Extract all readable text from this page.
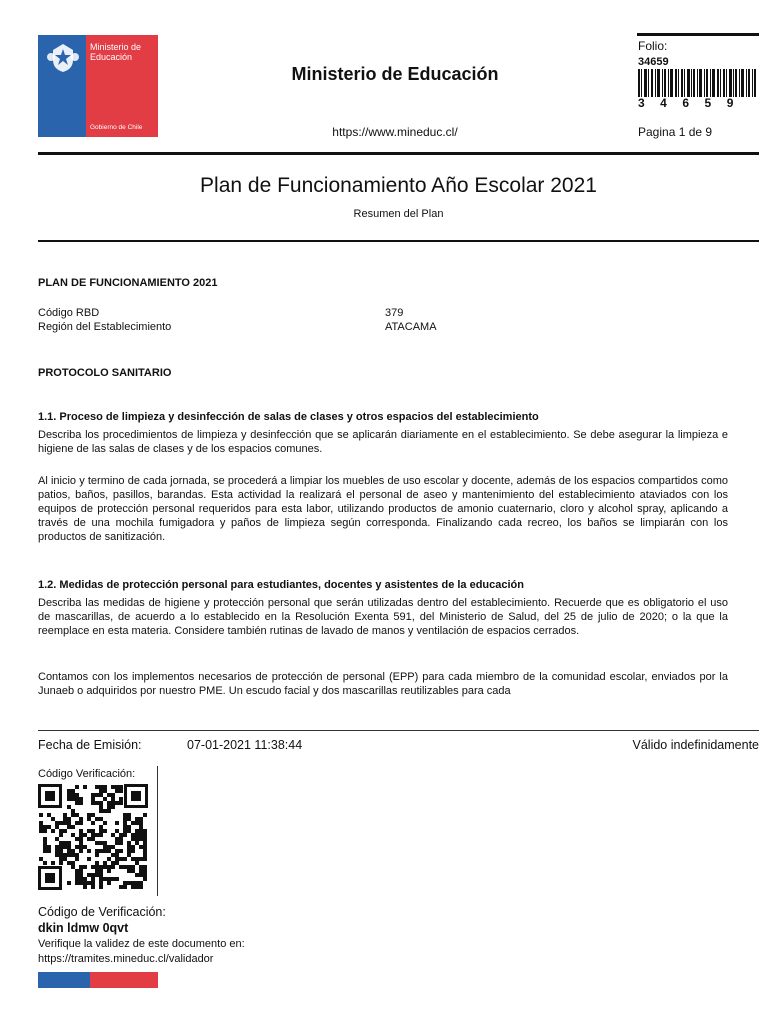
Ministerio de Educación
Gobierno de Chile
Ministerio de Educación
https://www.mineduc.cl/
Folio:
34659
34659
Pagina 1 de 9
Plan de Funcionamiento Año Escolar 2021
Resumen del Plan
PLAN DE FUNCIONAMIENTO 2021
Código RBD	379
Región del Establecimiento	ATACAMA
PROTOCOLO SANITARIO
1.1. Proceso de limpieza y desinfección de salas de clases y otros espacios del establecimiento
Describa los procedimientos de limpieza y desinfección que se aplicarán diariamente en el establecimiento. Se debe asegurar la limpieza e higiene de las salas de clases y de los espacios comunes.
Al inicio y termino de cada jornada, se procederá a limpiar los muebles de uso escolar y docente, además de los espacios compartidos como patios, baños, pasillos, barandas. Esta actividad la realizará el personal de aseo y mantenimiento del establecimiento ataviados con los equipos de protección personal requeridos para esta labor, utilizando productos de amonio cuaternario, cloro y alcohol spray, aplicando a través de una mochila fumigadora y paños de limpieza según corresponda. Finalizando cada recreo, los baños se limpiarán con los productos de sanitización.
1.2. Medidas de protección personal para estudiantes, docentes y asistentes de la educación
Describa las medidas de higiene y protección personal que serán utilizadas dentro del establecimiento. Recuerde que es obligatorio el uso de mascarillas, de acuerdo a lo establecido en la Resolución Exenta 591, del Ministerio de Salud, del 25 de julio de 2020; o la que la reemplace en esta materia. Considere también rutinas de lavado de manos y ventilación de espacios cerrados.
Contamos con los implementos necesarios de protección de personal (EPP) para cada miembro de la comunidad escolar, enviados por la Junaeb o adquiridos por nuestro PME. Un escudo facial y dos mascarillas reutilizables para cada
Fecha de Emisión:	07-01-2021 11:38:44	Válido indefinidamente
Código Verificación:
Código de Verificación:
dkin ldmw 0qvt
Verifique la validez de este documento en:
https://tramites.mineduc.cl/validador
